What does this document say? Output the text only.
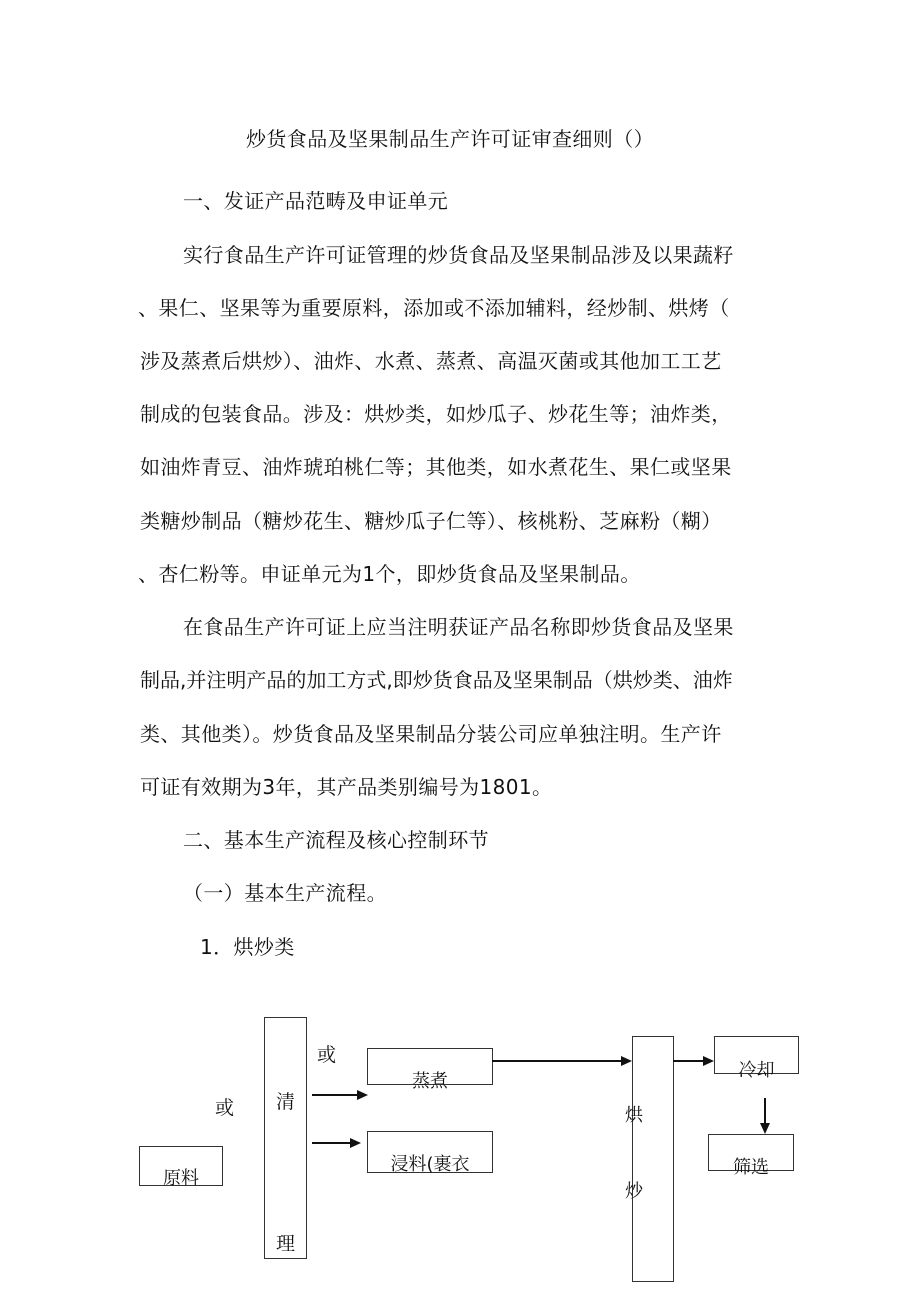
炒货食品及坚果制品生产许可证审查细则（）
一、发证产品范畴及申证单元
实行食品生产许可证管理的炒货食品及坚果制品涉及以果蔬籽
、果仁、坚果等为重要原料，添加或不添加辅料，经炒制、烘烤（
涉及蒸煮后烘炒）、油炸、水煮、蒸煮、高温灭菌或其他加工工艺
制成的包装食品。涉及：烘炒类，如炒瓜子、炒花生等；油炸类，
如油炸青豆、油炸琥珀桃仁等；其他类，如水煮花生、果仁或坚果
类糖炒制品（糖炒花生、糖炒瓜子仁等）、核桃粉、芝麻粉（糊）
、杏仁粉等。申证单元为1个，即炒货食品及坚果制品。
在食品生产许可证上应当注明获证产品名称即炒货食品及坚果
制品,并注明产品的加工方式,即炒货食品及坚果制品（烘炒类、油炸
类、其他类）。炒货食品及坚果制品分装公司应单独注明。生产许
可证有效期为3年，其产品类别编号为1801。
二、基本生产流程及核心控制环节
（一）基本生产流程。
1．烘炒类
原料
或	清
理
或
蒸煮
浸料(裹衣	烘炒
冷却
筛选
